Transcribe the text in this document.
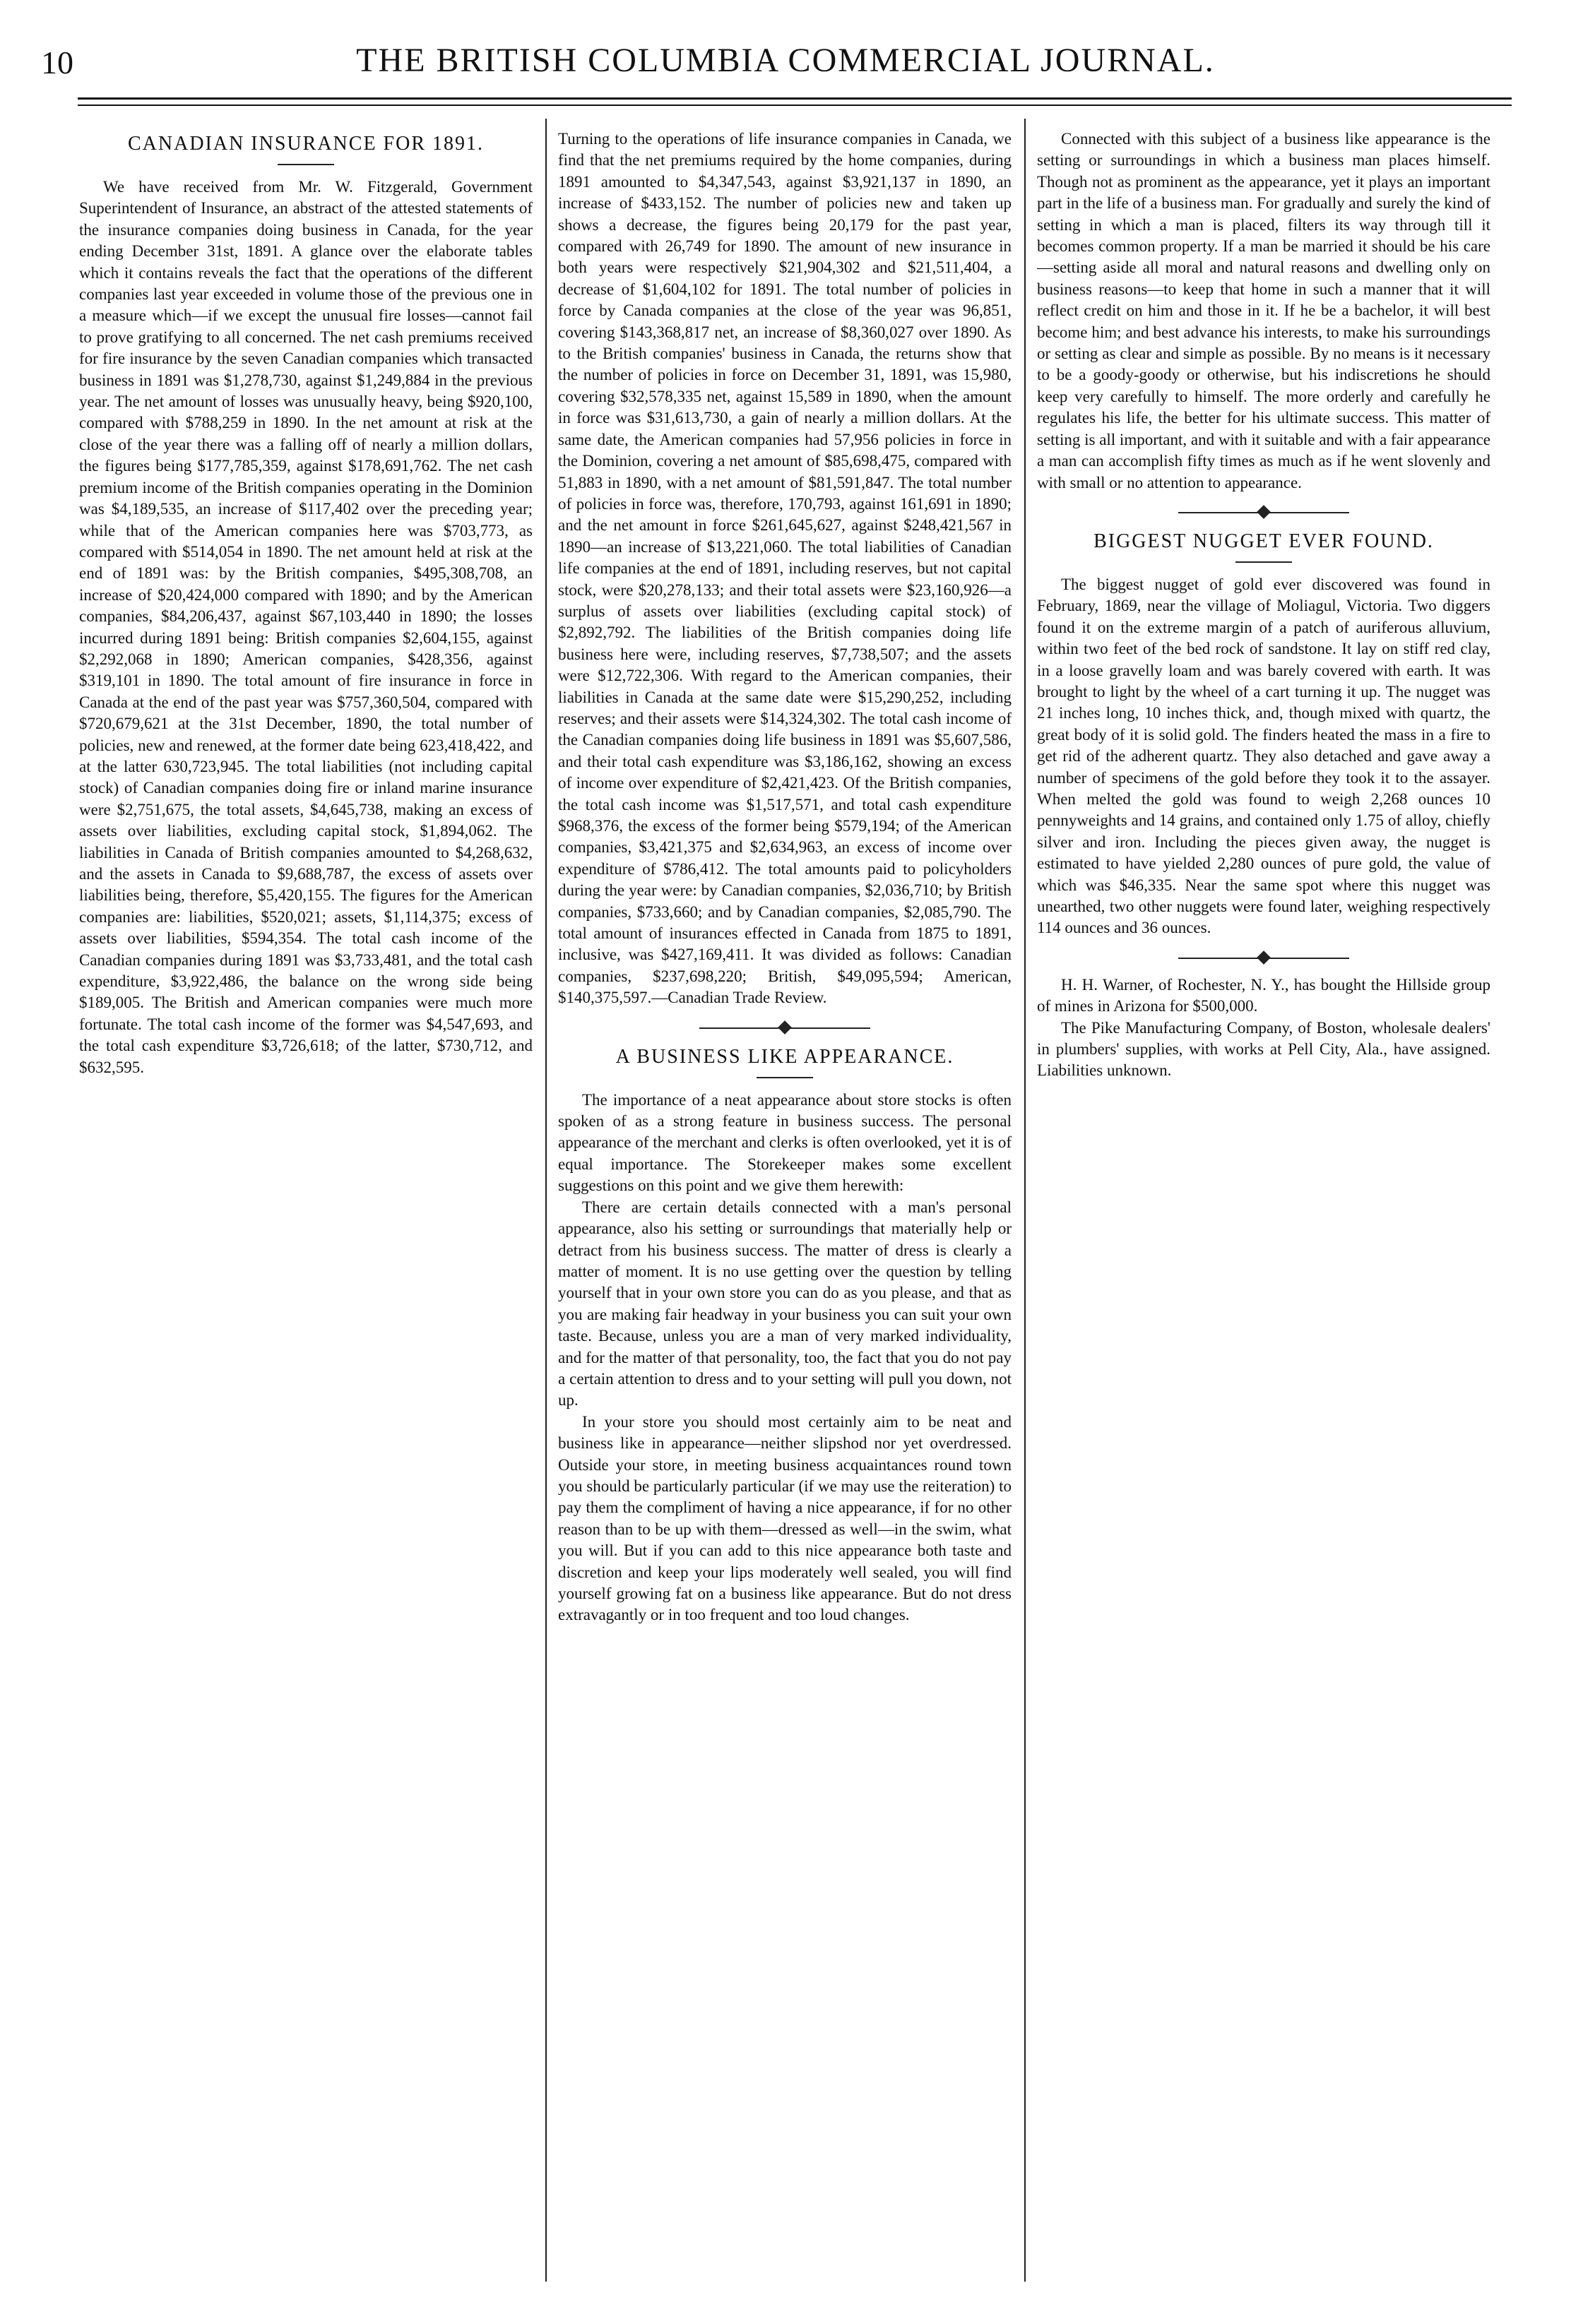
10	THE BRITISH COLUMBIA COMMERCIAL JOURNAL.
CANADIAN INSURANCE FOR 1891.

We have received from Mr. W. Fitzgerald, Government Superintendent of Insurance, an abstract of the attested statements of the insurance companies doing business in Canada, for the year ending December 31st, 1891. A glance over the elaborate tables which it contains reveals the fact that the operations of the different companies last year exceeded in volume those of the previous one in a measure which—if we except the unusual fire losses—cannot fail to prove gratifying to all concerned. The net cash premiums received for fire insurance by the seven Canadian companies which transacted business in 1891 was $1,278,730, against $1,249,884 in the previous year. The net amount of losses was unusually heavy, being $920,100, compared with $788,259 in 1890. In the net amount at risk at the close of the year there was a falling off of nearly a million dollars, the figures being $177,785,359, against $178,691,762. The net cash premium income of the British companies operating in the Dominion was $4,189,535, an increase of $117,402 over the preceding year; while that of the American companies here was $703,773, as compared with $514,054 in 1890. The net amount held at risk at the end of 1891 was: by the British companies, $495,308,708, an increase of $20,424,000 compared with 1890; and by the American companies, $84,206,437, against $67,103,440 in 1890; the losses incurred during 1891 being: British companies $2,604,155, against $2,292,068 in 1890; American companies, $428,356, against $319,101 in 1890. The total amount of fire insurance in force in Canada at the end of the past year was $757,360,504, compared with $720,679,621 at the 31st December, 1890, the total number of policies, new and renewed, at the former date being 623,418,422, and at the latter 630,723,945. The total liabilities (not including capital stock) of Canadian companies doing fire or inland marine insurance were $2,751,675, the total assets, $4,645,738, making an excess of assets over liabilities, excluding capital stock, $1,894,062. The liabilities in Canada of British companies amounted to $4,268,632, and the assets in Canada to $9,688,787, the excess of assets over liabilities being, therefore, $5,420,155. The figures for the American companies are: liabilities, $520,021; assets, $1,114,375; excess of assets over liabilities, $594,354. The total cash income of the Canadian companies during 1891 was $3,733,481, and the total cash expenditure, $3,922,486, the balance on the wrong side being $189,005. The British and American companies were much more fortunate. The total cash income of the former was $4,547,693, and the total cash expenditure $3,726,618; of the latter, $730,712, and $632,595.

Turning to the operations of life insurance companies in Canada, we find that the net premiums required by the home companies, during 1891 amounted to $4,347,543, against $3,921,137 in 1890, an increase of $433,152. The number of policies new and taken up shows a decrease, the figures being 20,179 for the past year, compared with 26,749 for 1890. The amount of new insurance in both years were respectively $21,904,302 and $21,511,404, a decrease of $1,604,102 for 1891. The total number of policies in force by Canada companies at the close of the year was 96,851, covering $143,368,817 net, an increase of $8,360,027 over 1890. As to the British companies' business in Canada, the returns show that the number of policies in force on December 31, 1891, was 15,980, covering $32,578,335 net, against 15,589 in 1890, when the amount in force was $31,613,730, a gain of nearly a million dollars. At the same date, the American companies had 57,956 policies in force in the Dominion, covering a net amount of $85,698,475, compared with 51,883 in 1890, with a net amount of $81,591,847. The total number of policies in force was, therefore, 170,793, against 161,691 in 1890; and the net amount in force $261,645,627, against $248,421,567 in 1890—an increase of $13,221,060. The total liabilities of Canadian life companies at the end of 1891, including reserves, but not capital stock, were $20,278,133; and their total assets were $23,160,926—a surplus of assets over liabilities (excluding capital stock) of $2,892,792. The liabilities of the British companies doing life business here were, including reserves, $7,738,507; and the assets were $12,722,306. With regard to the American companies, their liabilities in Canada at the same date were $15,290,252, including reserves; and their assets were $14,324,302. The total cash income of the Canadian companies doing life business in 1891 was $5,607,586, and their total cash expenditure was $3,186,162, showing an excess of income over expenditure of $2,421,423. Of the British companies, the total cash income was $1,517,571, and total cash expenditure $968,376, the excess of the former being $579,194; of the American companies, $3,421,375 and $2,634,963, an excess of income over expenditure of $786,412. The total amounts paid to policyholders during the year were: by Canadian companies, $2,036,710; by British companies, $733,660; and by Canadian companies, $2,085,790. The total amount of insurances effected in Canada from 1875 to 1891, inclusive, was $427,169,411. It was divided as follows: Canadian companies, $237,698,220; British, $49,095,594; American, $140,375,597.—Canadian Trade Review.

A BUSINESS LIKE APPEARANCE.

The importance of a neat appearance about store stocks is often spoken of as a strong feature in business success. The personal appearance of the merchant and clerks is often overlooked, yet it is of equal importance. The Storekeeper makes some excellent suggestions on this point and we give them herewith:

There are certain details connected with a man's personal appearance, also his setting or surroundings that materially help or detract from his business success. The matter of dress is clearly a matter of moment. It is no use getting over the question by telling yourself that in your own store you can do as you please, and that as you are making fair headway in your business you can suit your own taste. Because, unless you are a man of very marked individuality, and for the matter of that personality, too, the fact that you do not pay a certain attention to dress and to your setting will pull you down, not up.

In your store you should most certainly aim to be neat and business like in appearance—neither slipshod nor yet overdressed. Outside your store, in meeting business acquaintances round town you should be particularly particular (if we may use the reiteration) to pay them the compliment of having a nice appearance, if for no other reason than to be up with them—dressed as well—in the swim, what you will. But if you can add to this nice appearance both taste and discretion and keep your lips moderately well sealed, you will find yourself growing fat on a business like appearance. But do not dress extravagantly or in too frequent and too loud changes.

Connected with this subject of a business like appearance is the setting or surroundings in which a business man places himself. Though not as prominent as the appearance, yet it plays an important part in the life of a business man. For gradually and surely the kind of setting in which a man is placed, filters its way through till it becomes common property. If a man be married it should be his care—setting aside all moral and natural reasons and dwelling only on business reasons—to keep that home in such a manner that it will reflect credit on him and those in it. If he be a bachelor, it will best become him; and best advance his interests, to make his surroundings or setting as clear and simple as possible. By no means is it necessary to be a goody-goody or otherwise, but his indiscretions he should keep very carefully to himself. The more orderly and carefully he regulates his life, the better for his ultimate success. This matter of setting is all important, and with it suitable and with a fair appearance a man can accomplish fifty times as much as if he went slovenly and with small or no attention to appearance.

BIGGEST NUGGET EVER FOUND.

The biggest nugget of gold ever discovered was found in February, 1869, near the village of Moliagul, Victoria. Two diggers found it on the extreme margin of a patch of auriferous alluvium, within two feet of the bed rock of sandstone. It lay on stiff red clay, in a loose gravelly loam and was barely covered with earth. It was brought to light by the wheel of a cart turning it up. The nugget was 21 inches long, 10 inches thick, and, though mixed with quartz, the great body of it is solid gold. The finders heated the mass in a fire to get rid of the adherent quartz. They also detached and gave away a number of specimens of the gold before they took it to the assayer. When melted the gold was found to weigh 2,268 ounces 10 pennyweights and 14 grains, and contained only 1.75 of alloy, chiefly silver and iron. Including the pieces given away, the nugget is estimated to have yielded 2,280 ounces of pure gold, the value of which was $46,335. Near the same spot where this nugget was unearthed, two other nuggets were found later, weighing respectively 114 ounces and 36 ounces.

H. H. Warner, of Rochester, N. Y., has bought the Hillside group of mines in Arizona for $500,000.

The Pike Manufacturing Company, of Boston, wholesale dealers' in plumbers' supplies, with works at Pell City, Ala., have assigned. Liabilities unknown.
